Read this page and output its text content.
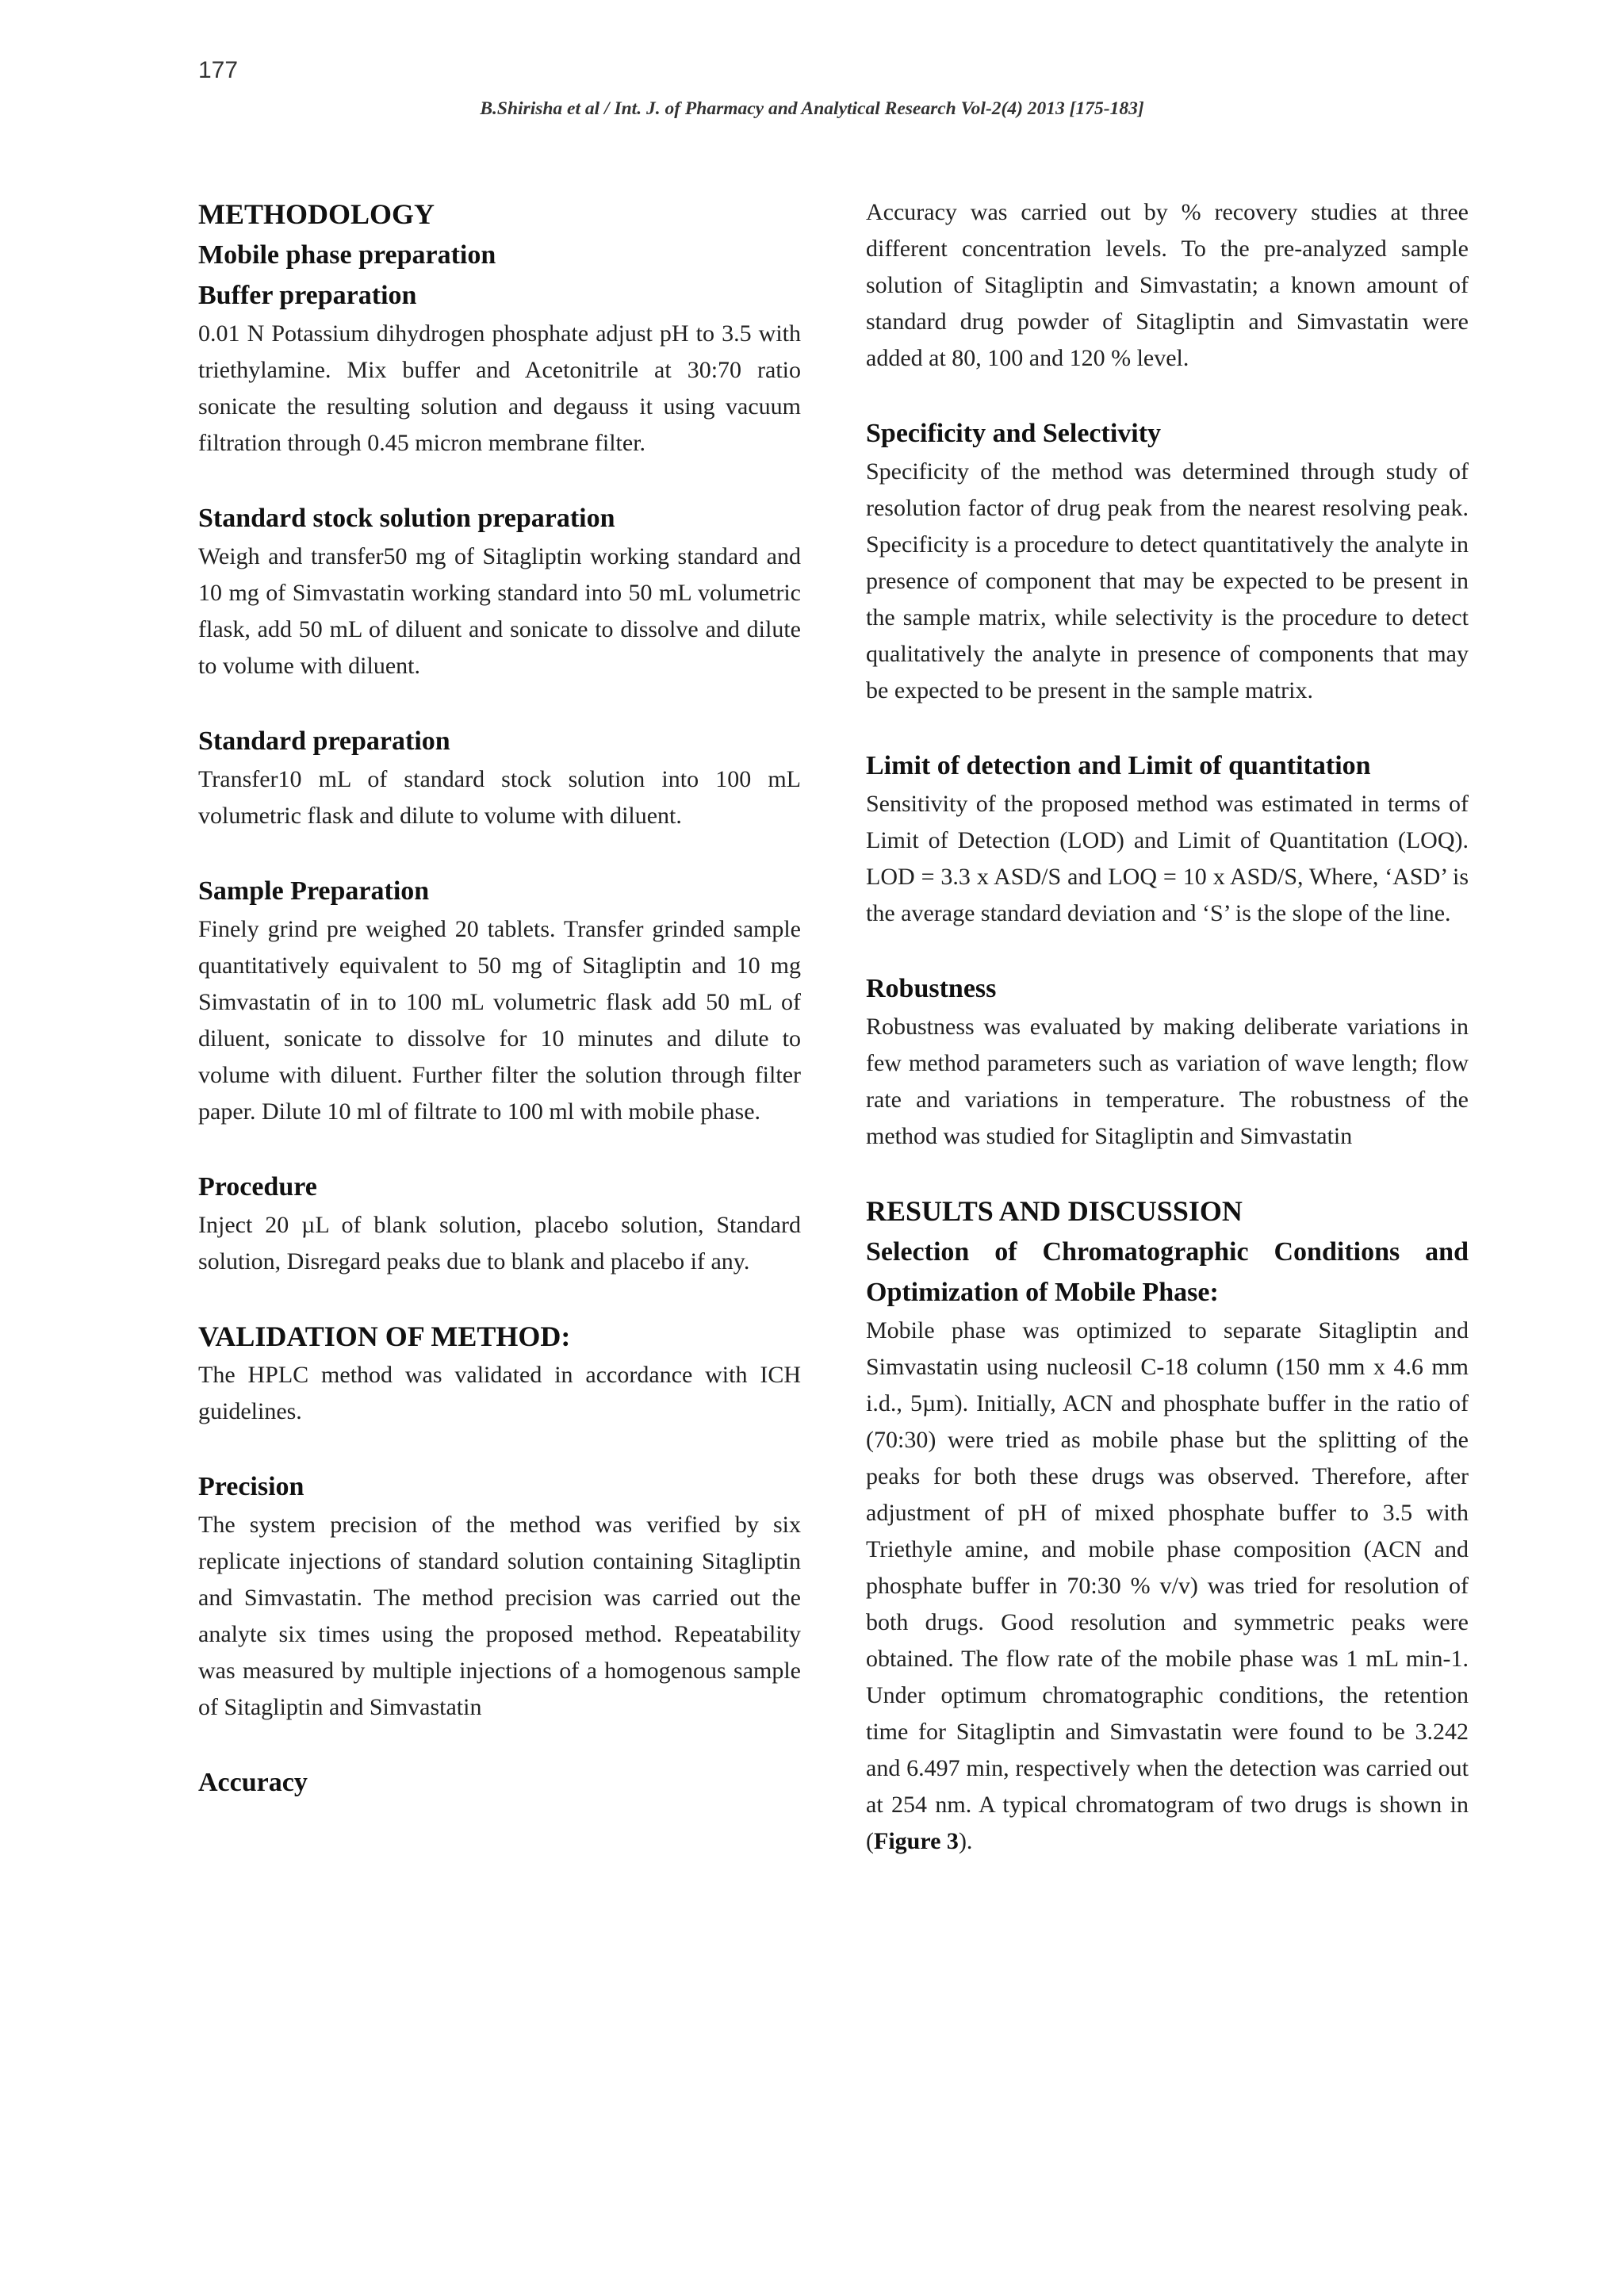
177
B.Shirisha et al / Int. J. of Pharmacy and Analytical Research Vol-2(4) 2013 [175-183]
METHODOLOGY
Mobile phase preparation
Buffer preparation

0.01 N Potassium dihydrogen phosphate adjust pH to 3.5 with triethylamine. Mix buffer and Acetonitrile at 30:70 ratio sonicate the resulting solution and degauss it using vacuum filtration through 0.45 micron membrane filter.

Standard stock solution preparation

Weigh and transfer50 mg of Sitagliptin working standard and 10 mg of Simvastatin working standard into 50 mL volumetric flask, add 50 mL of diluent and sonicate to dissolve and dilute to volume with diluent.

Standard preparation

Transfer10 mL of standard stock solution into 100 mL volumetric flask and dilute to volume with diluent.

Sample Preparation

Finely grind pre weighed 20 tablets. Transfer grinded sample quantitatively equivalent to 50 mg of Sitagliptin and 10 mg Simvastatin of in to 100 mL volumetric flask add 50 mL of diluent, sonicate to dissolve for 10 minutes and dilute to volume with diluent. Further filter the solution through filter paper. Dilute 10 ml of filtrate to 100 ml with mobile phase.

Procedure

Inject 20 µL of blank solution, placebo solution, Standard solution, Disregard peaks due to blank and placebo if any.

VALIDATION OF METHOD:

The HPLC method was validated in accordance with ICH guidelines.

Precision

The system precision of the method was verified by six replicate injections of standard solution containing Sitagliptin and Simvastatin. The method precision was carried out the analyte six times using the proposed method. Repeatability was measured by multiple injections of a homogenous sample of Sitagliptin and Simvastatin

Accuracy

Accuracy was carried out by % recovery studies at three different concentration levels. To the pre-analyzed sample solution of Sitagliptin and Simvastatin; a known amount of standard drug powder of Sitagliptin and Simvastatin were added at 80, 100 and 120 % level.

Specificity and Selectivity

Specificity of the method was determined through study of resolution factor of drug peak from the nearest resolving peak. Specificity is a procedure to detect quantitatively the analyte in presence of component that may be expected to be present in the sample matrix, while selectivity is the procedure to detect qualitatively the analyte in presence of components that may be expected to be present in the sample matrix.

Limit of detection and Limit of quantitation

Sensitivity of the proposed method was estimated in terms of Limit of Detection (LOD) and Limit of Quantitation (LOQ). LOD = 3.3 x ASD/S and LOQ = 10 x ASD/S, Where, ‘ASD’ is the average standard deviation and ‘S’ is the slope of the line.

Robustness

Robustness was evaluated by making deliberate variations in few method parameters such as variation of wave length; flow rate and variations in temperature. The robustness of the method was studied for Sitagliptin and Simvastatin

RESULTS AND DISCUSSION
Selection of Chromatographic Conditions and Optimization of Mobile Phase:

Mobile phase was optimized to separate Sitagliptin and Simvastatin using nucleosil C-18 column (150 mm x 4.6 mm i.d., 5µm). Initially, ACN and phosphate buffer in the ratio of (70:30) were tried as mobile phase but the splitting of the peaks for both these drugs was observed. Therefore, after adjustment of pH of mixed phosphate buffer to 3.5 with Triethyle amine, and mobile phase composition (ACN and phosphate buffer in 70:30 % v/v) was tried for resolution of both drugs. Good resolution and symmetric peaks were obtained. The flow rate of the mobile phase was 1 mL min-1. Under optimum chromatographic conditions, the retention time for Sitagliptin and Simvastatin were found to be 3.242 and 6.497 min, respectively when the detection was carried out at 254 nm. A typical chromatogram of two drugs is shown in (Figure 3).
